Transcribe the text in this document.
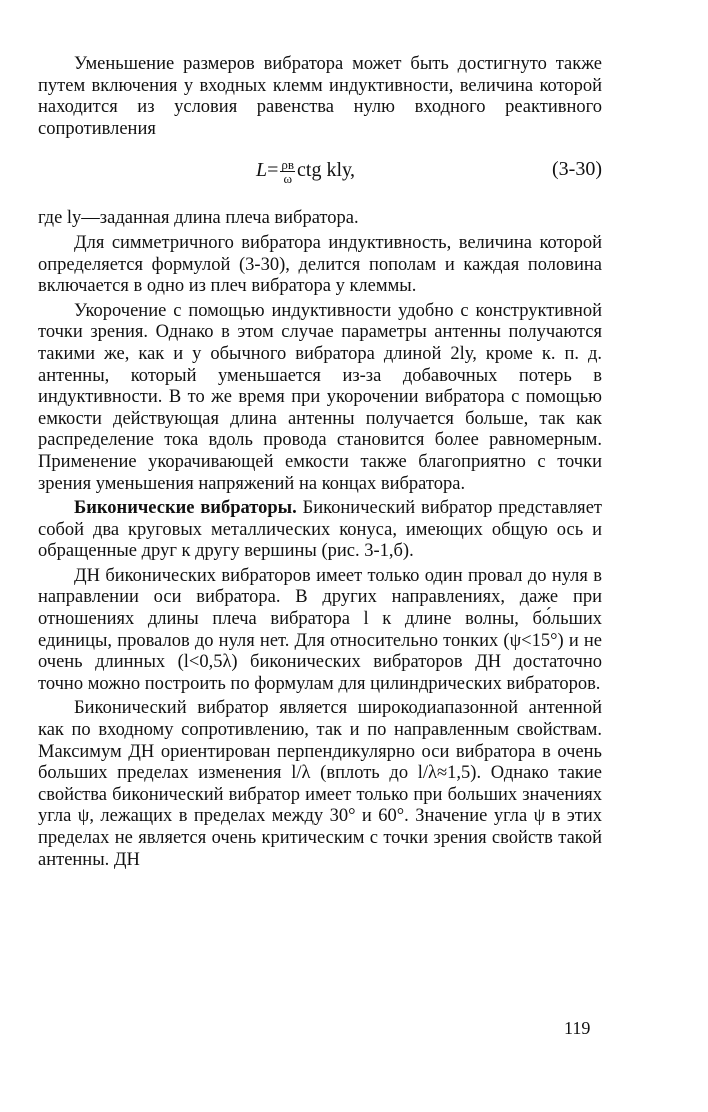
Уменьшение размеров вибратора может быть достигнуто также путем включения у входных клемм индуктивности, величина которой находится из условия равенства нулю входного реактивного сопротивления

$L= \frac{\rho в}{\omega}$ ctg klу,	(3-30)

где lу—заданная длина плеча вибратора.

Для симметричного вибратора индуктивность, величина которой определяется формулой (3-30), делится пополам и каждая половина включается в одно из плеч вибратора у клеммы.

Укорочение с помощью индуктивности удобно с конструктивной точки зрения. Однако в этом случае параметры антенны получаются такими же, как и у обычного вибратора длиной 2lу, кроме к. п. д. антенны, который уменьшается из-за добавочных потерь в индуктивности. В то же время при укорочении вибратора с помощью емкости действующая длина антенны получается больше, так как распределение тока вдоль провода становится более равномерным. Применение укорачивающей емкости также благоприятно с точки зрения уменьшения напряжений на концах вибратора.

Биконические вибраторы. Биконический вибратор представляет собой два круговых металлических конуса, имеющих общую ось и обращенные друг к другу вершины (рис. 3-1,б).

ДН биконических вибраторов имеет только один провал до нуля в направлении оси вибратора. В других направлениях, даже при отношениях длины плеча вибратора l к длине волны, бо́льших единицы, провалов до нуля нет. Для относительно тонких (ψ<15°) и не очень длинных (l<0,5λ) биконических вибраторов ДН достаточно точно можно построить по формулам для цилиндрических вибраторов.

Биконический вибратор является широкодиапазонной антенной как по входному сопротивлению, так и по направленным свойствам. Максимум ДН ориентирован перпендикулярно оси вибратора в очень больших пределах изменения l/λ (вплоть до l/λ≈1,5). Однако такие свойства биконический вибратор имеет только при больших значениях угла ψ, лежащих в пределах между 30° и 60°. Значение угла ψ в этих пределах не является очень критическим с точки зрения свойств такой антенны. ДН

119
